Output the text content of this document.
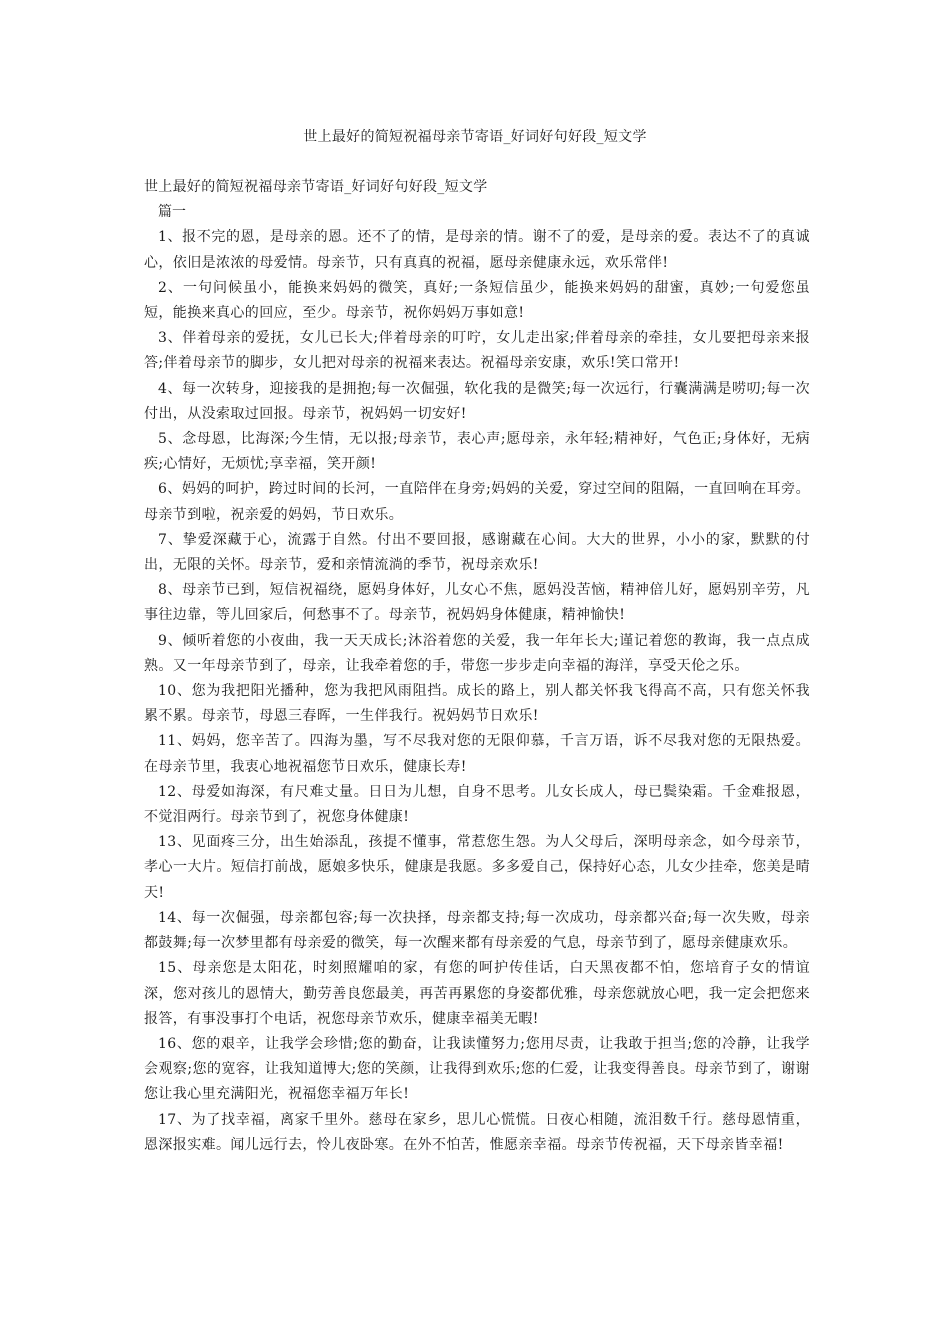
世上最好的简短祝福母亲节寄语_好词好句好段_短文学
世上最好的简短祝福母亲节寄语_好词好句好段_短文学
篇一

1、报不完的恩，是母亲的恩。还不了的情，是母亲的情。谢不了的爱，是母亲的爱。表达不了的真诚心，依旧是浓浓的母爱情。母亲节，只有真真的祝福，愿母亲健康永远，欢乐常伴!

2、一句问候虽小，能换来妈妈的微笑，真好;一条短信虽少，能换来妈妈的甜蜜，真妙;一句爱您虽短，能换来真心的回应，至少。母亲节，祝你妈妈万事如意!

3、伴着母亲的爱抚，女儿已长大;伴着母亲的叮咛，女儿走出家;伴着母亲的牵挂，女儿要把母亲来报答;伴着母亲节的脚步，女儿把对母亲的祝福来表达。祝福母亲安康，欢乐!笑口常开!

4、每一次转身，迎接我的是拥抱;每一次倔强，软化我的是微笑;每一次远行，行囊满满是唠叨;每一次付出，从没索取过回报。母亲节，祝妈妈一切安好!

5、念母恩，比海深;今生情，无以报;母亲节，表心声;愿母亲，永年轻;精神好，气色正;身体好，无病疾;心情好，无烦忧;享幸福，笑开颜!

6、妈妈的呵护，跨过时间的长河，一直陪伴在身旁;妈妈的关爱，穿过空间的阻隔，一直回响在耳旁。母亲节到啦，祝亲爱的妈妈，节日欢乐。

7、挚爱深藏于心，流露于自然。付出不要回报，感谢藏在心间。大大的世界，小小的家，默默的付出，无限的关怀。母亲节，爱和亲情流淌的季节，祝母亲欢乐!

8、母亲节已到，短信祝福绕，愿妈身体好，儿女心不焦，愿妈没苦恼，精神倍儿好，愿妈别辛劳，凡事往边靠，等儿回家后，何愁事不了。母亲节，祝妈妈身体健康，精神愉快!

9、倾听着您的小夜曲，我一天天成长;沐浴着您的关爱，我一年年长大;谨记着您的教诲，我一点点成熟。又一年母亲节到了，母亲，让我牵着您的手，带您一步步走向幸福的海洋，享受天伦之乐。

10、您为我把阳光播种，您为我把风雨阻挡。成长的路上，别人都关怀我飞得高不高，只有您关怀我累不累。母亲节，母恩三春晖，一生伴我行。祝妈妈节日欢乐!

11、妈妈，您辛苦了。四海为墨，写不尽我对您的无限仰慕，千言万语，诉不尽我对您的无限热爱。在母亲节里，我衷心地祝福您节日欢乐，健康长寿!

12、母爱如海深，有尺难丈量。日日为儿想，自身不思考。儿女长成人，母已鬓染霜。千金难报恩，不觉泪两行。母亲节到了，祝您身体健康!

13、见面疼三分，出生始添乱，孩提不懂事，常惹您生怨。为人父母后，深明母亲念，如今母亲节，孝心一大片。短信打前战，愿娘多快乐，健康是我愿。多多爱自己，保持好心态，儿女少挂牵，您美是晴天!

14、每一次倔强，母亲都包容;每一次抉择，母亲都支持;每一次成功，母亲都兴奋;每一次失败，母亲都鼓舞;每一次梦里都有母亲爱的微笑，每一次醒来都有母亲爱的气息，母亲节到了，愿母亲健康欢乐。

15、母亲您是太阳花，时刻照耀咱的家，有您的呵护传佳话，白天黑夜都不怕，您培育子女的情谊深，您对孩儿的恩情大，勤劳善良您最美，再苦再累您的身姿都优雅，母亲您就放心吧，我一定会把您来报答，有事没事打个电话，祝您母亲节欢乐，健康幸福美无暇!

16、您的艰辛，让我学会珍惜;您的勤奋，让我读懂努力;您用尽责，让我敢于担当;您的冷静，让我学会观察;您的宽容，让我知道博大;您的笑颜，让我得到欢乐;您的仁爱，让我变得善良。母亲节到了，谢谢您让我心里充满阳光，祝福您幸福万年长!

17、为了找幸福，离家千里外。慈母在家乡，思儿心慌慌。日夜心相随，流泪数千行。慈母恩情重，恩深报实难。闻儿远行去，怜儿夜卧寒。在外不怕苦，惟愿亲幸福。母亲节传祝福，天下母亲皆幸福!
